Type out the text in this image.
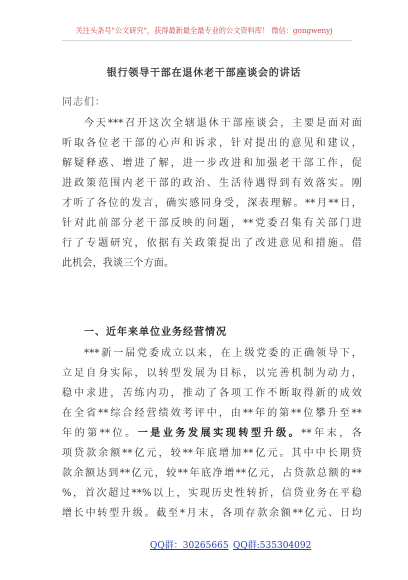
关注头条号"公文研究"，获得最新最全最专业的公文资料库！ 微信：gongwenyj
银行领导干部在退休老干部座谈会的讲话
同志们：
今天***召开这次全辖退休干部座谈会，主要是面对面
听取各位老干部的心声和诉求，针对提出的意见和建议，
解疑释惑、增进了解，进一步改进和加强老干部工作，促
进政策范围内老干部的政治、生活待遇得到有效落实。刚
才听了各位的发言，确实感同身受，深表理解。**月**日，
针对此前部分老干部反映的问题，**党委召集有关部门进
行了专题研究，依据有关政策提出了改进意见和措施。借
此机会，我谈三个方面。
一、近年来单位业务经营情况
***新一届党委成立以来，在上级党委的正确领导下，
立足自身实际，以转型发展为目标，以完善机制为动力，
稳中求进，苦练内功，推动了各项工作不断取得新的成效
在全省**综合经营绩效考评中，由**年的第**位攀升至**
年的第**位。一是业务发展实现转型升级。**年末，各
项贷款余额**亿元，较**年底增加**亿元。其中中长期贷
款余额达到**亿元，较**年底净增**亿元，占贷款总额的**
%，首次超过**%以上，实现历史性转折，信贷业务在平稳
增长中转型升级。截至*月末，各项存款余额**亿元、日均
QQ群：30265665 QQ群:535304092
